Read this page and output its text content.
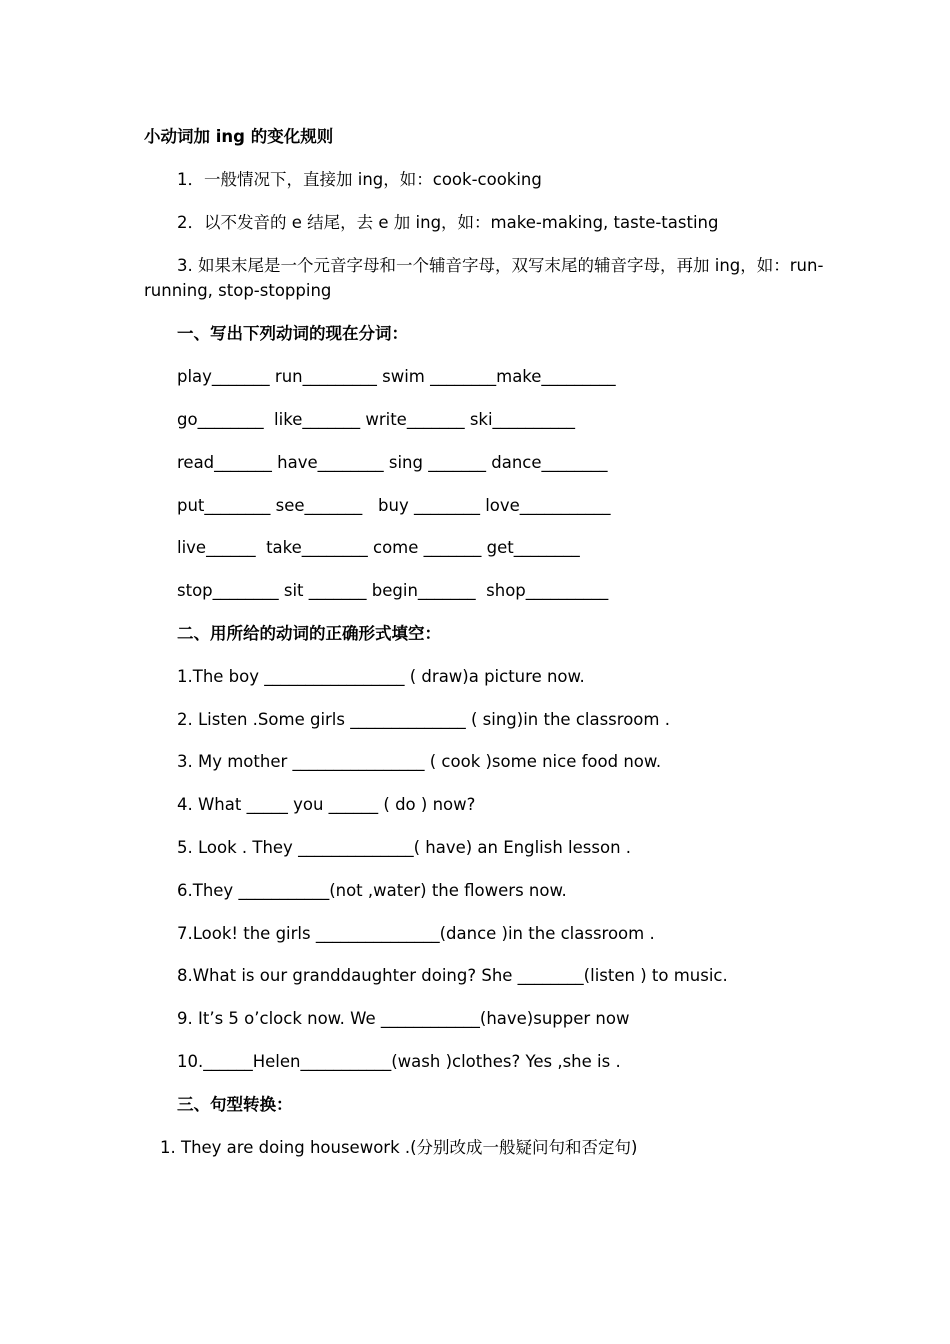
小动词加 ing 的变化规则
1．一般情况下，直接加 ing，如：cook-cooking
2．以不发音的 e 结尾，去 e 加 ing，如：make-making, taste-tasting
3. 如果末尾是一个元音字母和一个辅音字母，双写末尾的辅音字母，再加 ing，如：run-
running, stop-stopping
一、写出下列动词的现在分词：
play_______ run_________ swim ________make_________
go________  like_______ write_______ ski__________
read_______ have________ sing _______ dance________
put________ see_______   buy ________ love___________
live______  take________ come _______ get________
stop________ sit _______ begin_______  shop__________
二、用所给的动词的正确形式填空：
1.The boy _________________ ( draw)a picture now.
2. Listen .Some girls ______________ ( sing)in the classroom .
3. My mother ________________ ( cook )some nice food now.
4. What _____ you ______ ( do ) now?
5. Look . They ______________( have) an English lesson .
6.They ___________(not ,water) the flowers now.
7.Look! the girls _______________(dance )in the classroom .
8.What is our granddaughter doing? She ________(listen ) to music.
9. It’s 5 o’clock now. We ____________(have)supper now
10.______Helen___________(wash )clothes? Yes ,she is .
三、句型转换：
1. They are doing housework .(分别改成一般疑问句和否定句)
